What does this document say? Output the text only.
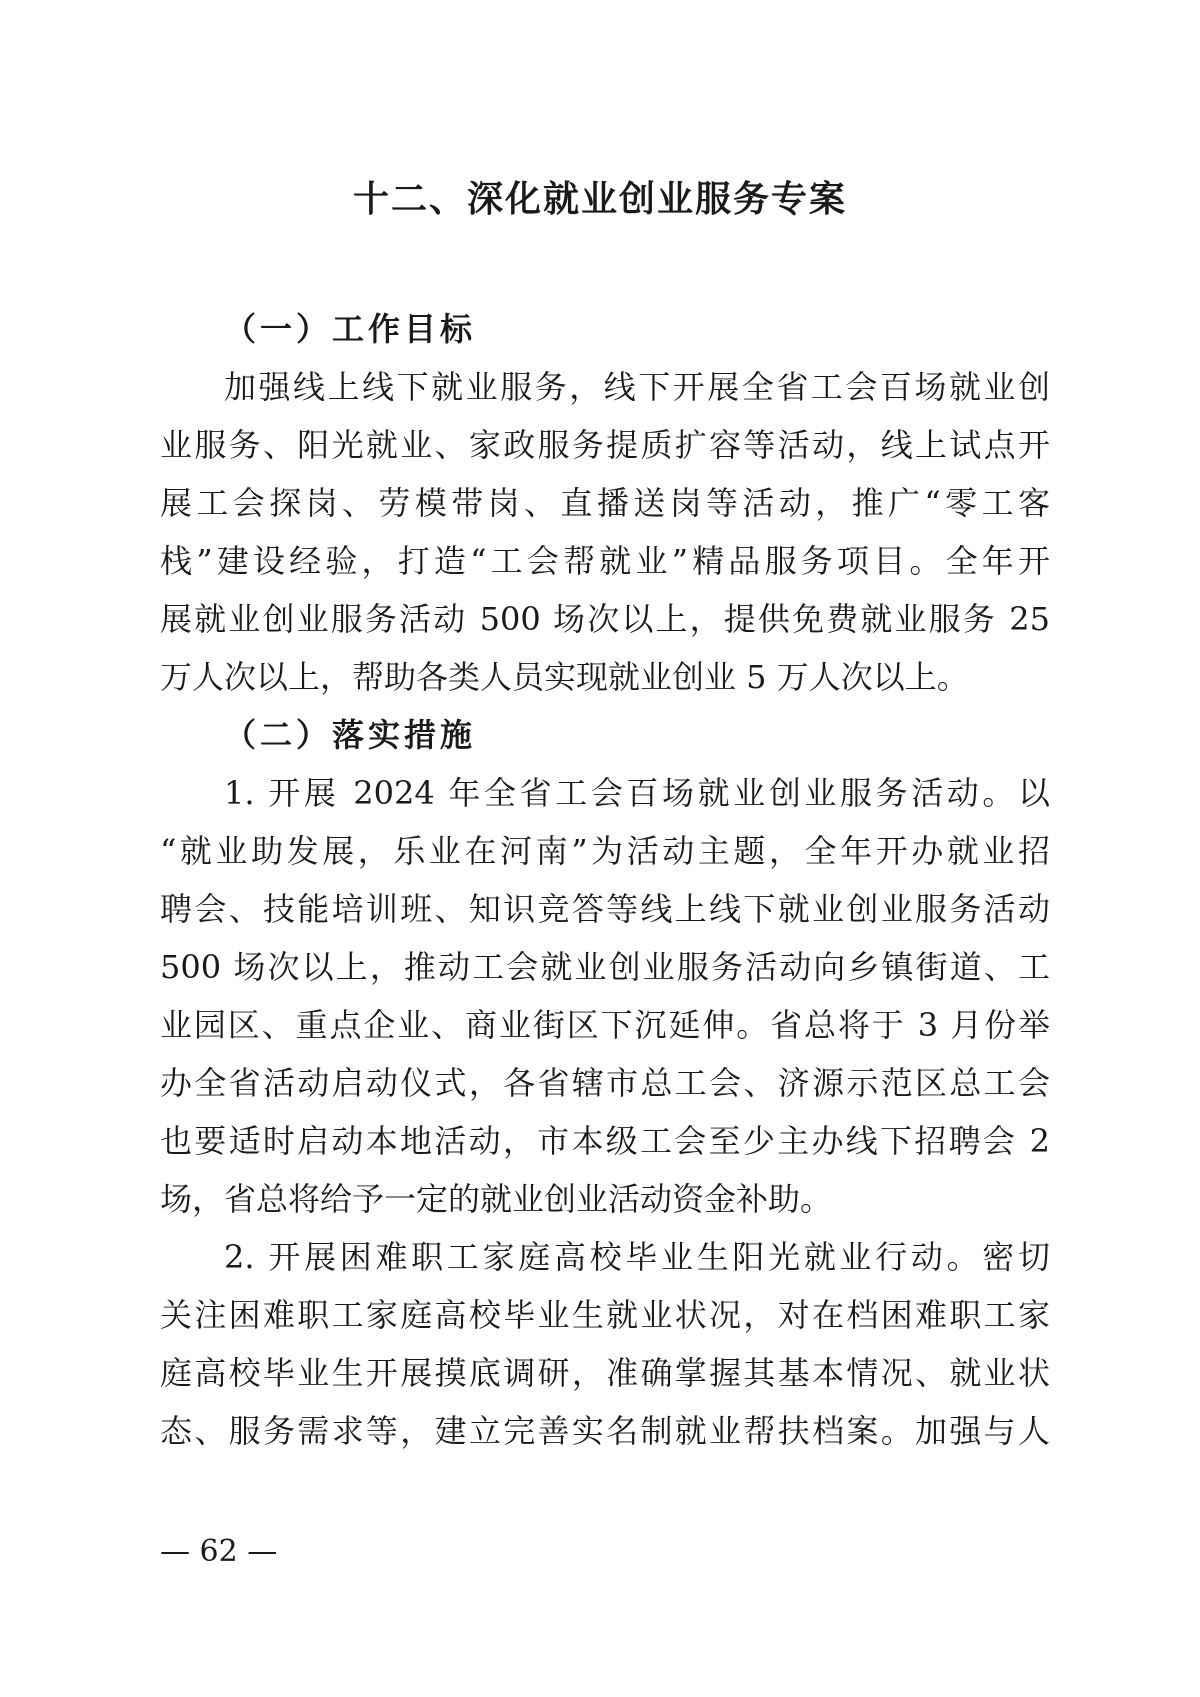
十二、深化就业创业服务专案
（一）工作目标
加强线上线下就业服务，线下开展全省工会百场就业创
业服务、阳光就业、家政服务提质扩容等活动，线上试点开
展工会探岗、劳模带岗、直播送岗等活动，推广“零工客
栈”建设经验，打造“工会帮就业”精品服务项目。全年开
展就业创业服务活动 500 场次以上，提供免费就业服务 25
万人次以上，帮助各类人员实现就业创业 5 万人次以上。
（二）落实措施
1. 开展 2024 年全省工会百场就业创业服务活动。以
“就业助发展，乐业在河南”为活动主题，全年开办就业招
聘会、技能培训班、知识竞答等线上线下就业创业服务活动
500 场次以上，推动工会就业创业服务活动向乡镇街道、工
业园区、重点企业、商业街区下沉延伸。省总将于 3 月份举
办全省活动启动仪式，各省辖市总工会、济源示范区总工会
也要适时启动本地活动，市本级工会至少主办线下招聘会 2
场，省总将给予一定的就业创业活动资金补助。
2. 开展困难职工家庭高校毕业生阳光就业行动。密切
关注困难职工家庭高校毕业生就业状况，对在档困难职工家
庭高校毕业生开展摸底调研，准确掌握其基本情况、就业状
态、服务需求等，建立完善实名制就业帮扶档案。加强与人
— 62 —
